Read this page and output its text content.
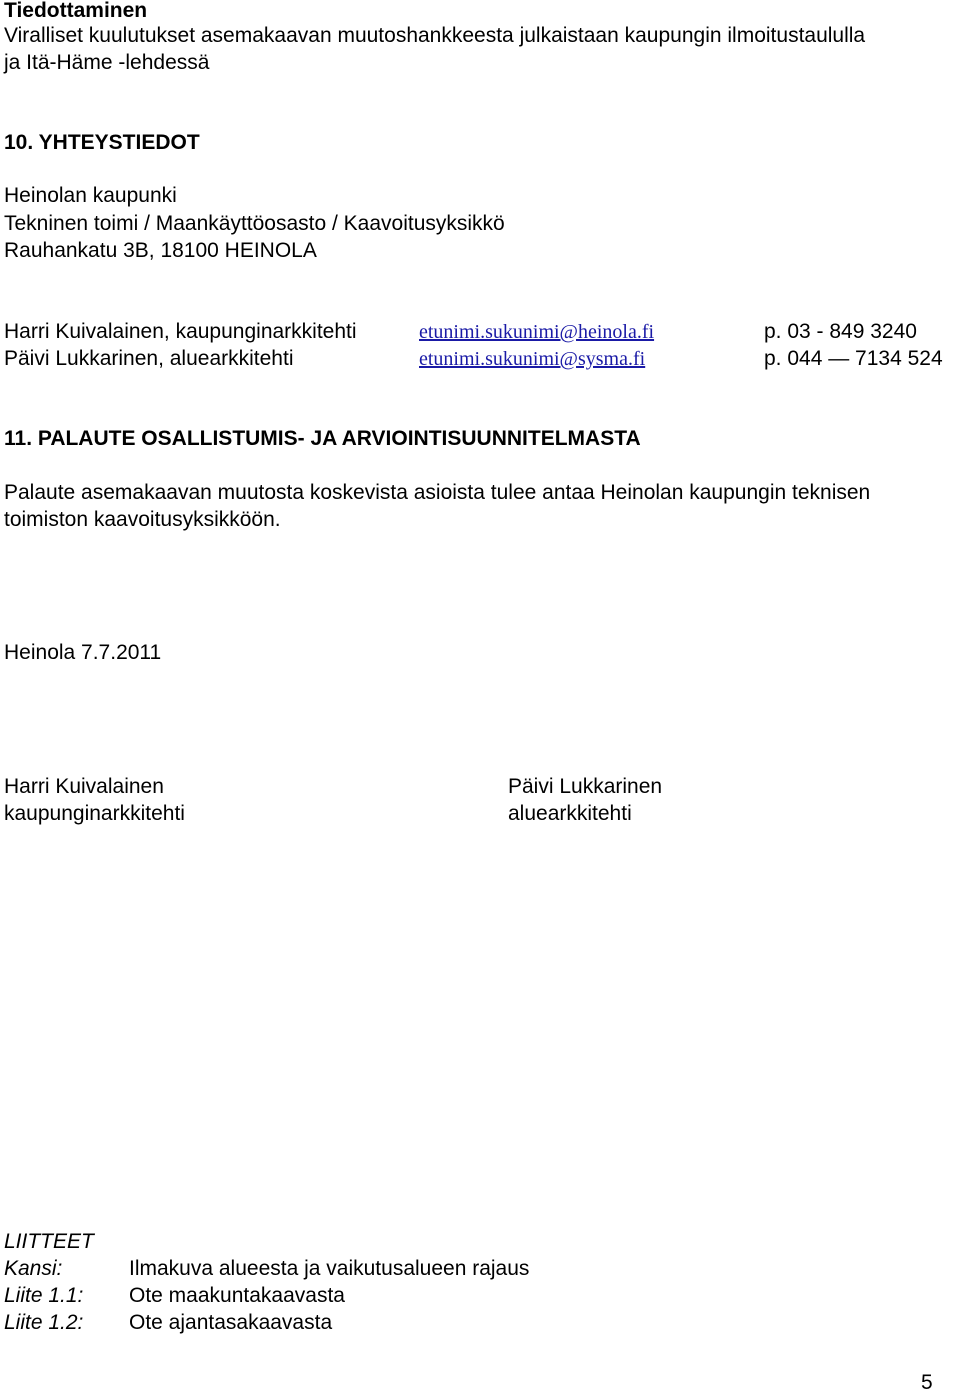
Tiedottaminen
Viralliset kuulutukset asemakaavan muutoshankkeesta julkaistaan kaupungin ilmoitustaululla
ja Itä-Häme -lehdessä
10. YHTEYSTIEDOT
Heinolan kaupunki
Tekninen toimi / Maankäyttöosasto / Kaavoitusyksikkö
Rauhankatu 3B, 18100 HEINOLA
Harri Kuivalainen, kaupunginarkkitehti	etunimi.sukunimi@heinola.fi	p. 03 - 849 3240
Päivi Lukkarinen, aluearkkitehti	etunimi.sukunimi@sysma.fi	p. 044 — 7134 524
11. PALAUTE OSALLISTUMIS- JA ARVIOINTISUUNNITELMASTA
Palaute asemakaavan muutosta koskevista asioista tulee antaa Heinolan kaupungin teknisen
toimiston kaavoitusyksikköön.
Heinola 7.7.2011
Harri Kuivalainen
kaupunginarkkitehti
Päivi Lukkarinen
aluearkkitehti
LIITTEET
Kansi:	Ilmakuva alueesta ja vaikutusalueen rajaus
Liite 1.1: Ote maakuntakaavasta
Liite 1.2: Ote ajantasakaavasta
5
